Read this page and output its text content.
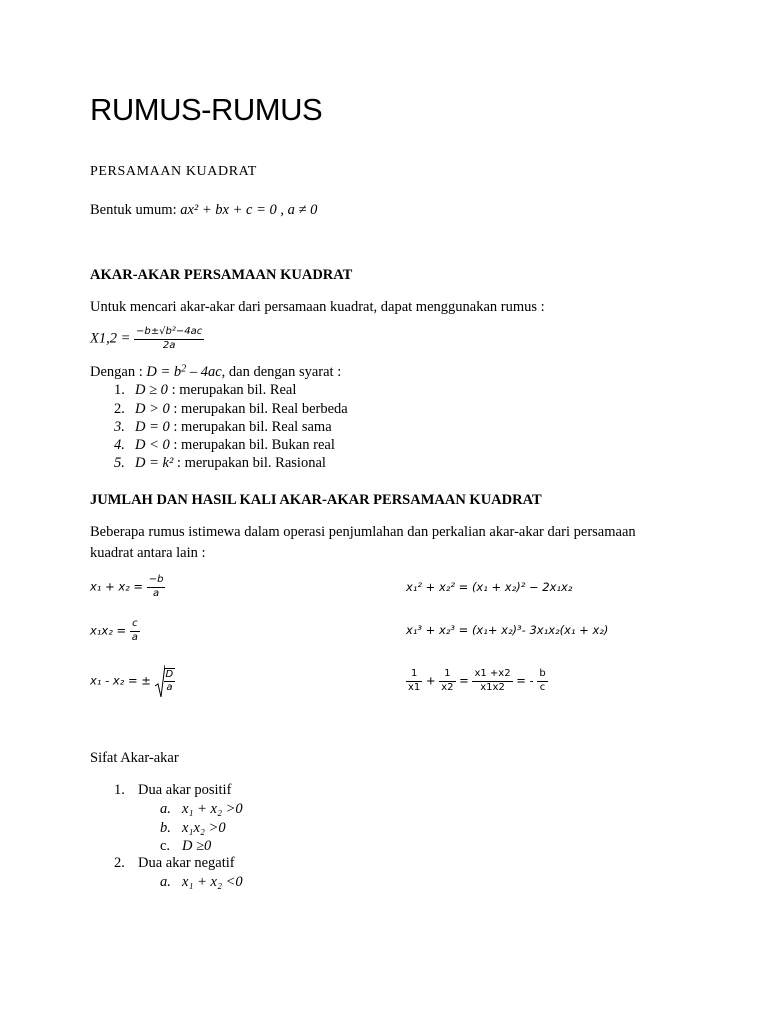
RUMUS-RUMUS
PERSAMAAN KUADRAT
Bentuk umum: ax² + bx + c = 0 , a ≠ 0
AKAR-AKAR PERSAMAAN KUADRAT
Untuk mencari akar-akar dari persamaan kuadrat, dapat menggunakan rumus :
$X1,2 = \frac{\text{−b±√b²−4ac}}{2a}$
Dengan : $D = b^2 - 4ac$, dan dengan syarat :
1. D ≥ 0 : merupakan bil. Real
2. D > 0 : merupakan bil. Real berbeda
3. D = 0 : merupakan bil. Real sama
4. D < 0 : merupakan bil. Bukan real
5. D = k² : merupakan bil. Rasional
JUMLAH DAN HASIL KALI AKAR-AKAR PERSAMAAN KUADRAT
Beberapa rumus istimewa dalam operasi penjumlahan dan perkalian akar-akar dari persamaan
kuadrat antara lain :
$x_1 + x_2 = \frac{-b}{a}$
$x_1x_2 = \frac{c}{a}$
x₁ - x₂ = ± $\frac{D}{a}$
x₁² + x₂² = (x₁ + x₂)² − 2x₁x₂
x₁³ + x₂³ = (x₁+ x₂)³- 3x₁x₂(x₁ + x₂)
$\frac{1}{x1} + \frac{1}{x2} = \frac{x1 +x2}{x1x2}$ = - $\frac{b}{c}$
Sifat Akar-akar
1. Dua akar positif
a. x₁ + x₂ >0
b. x₁x₂ >0
c. D ≥0
2. Dua akar negatif
a. x₁ + x₂ <0
